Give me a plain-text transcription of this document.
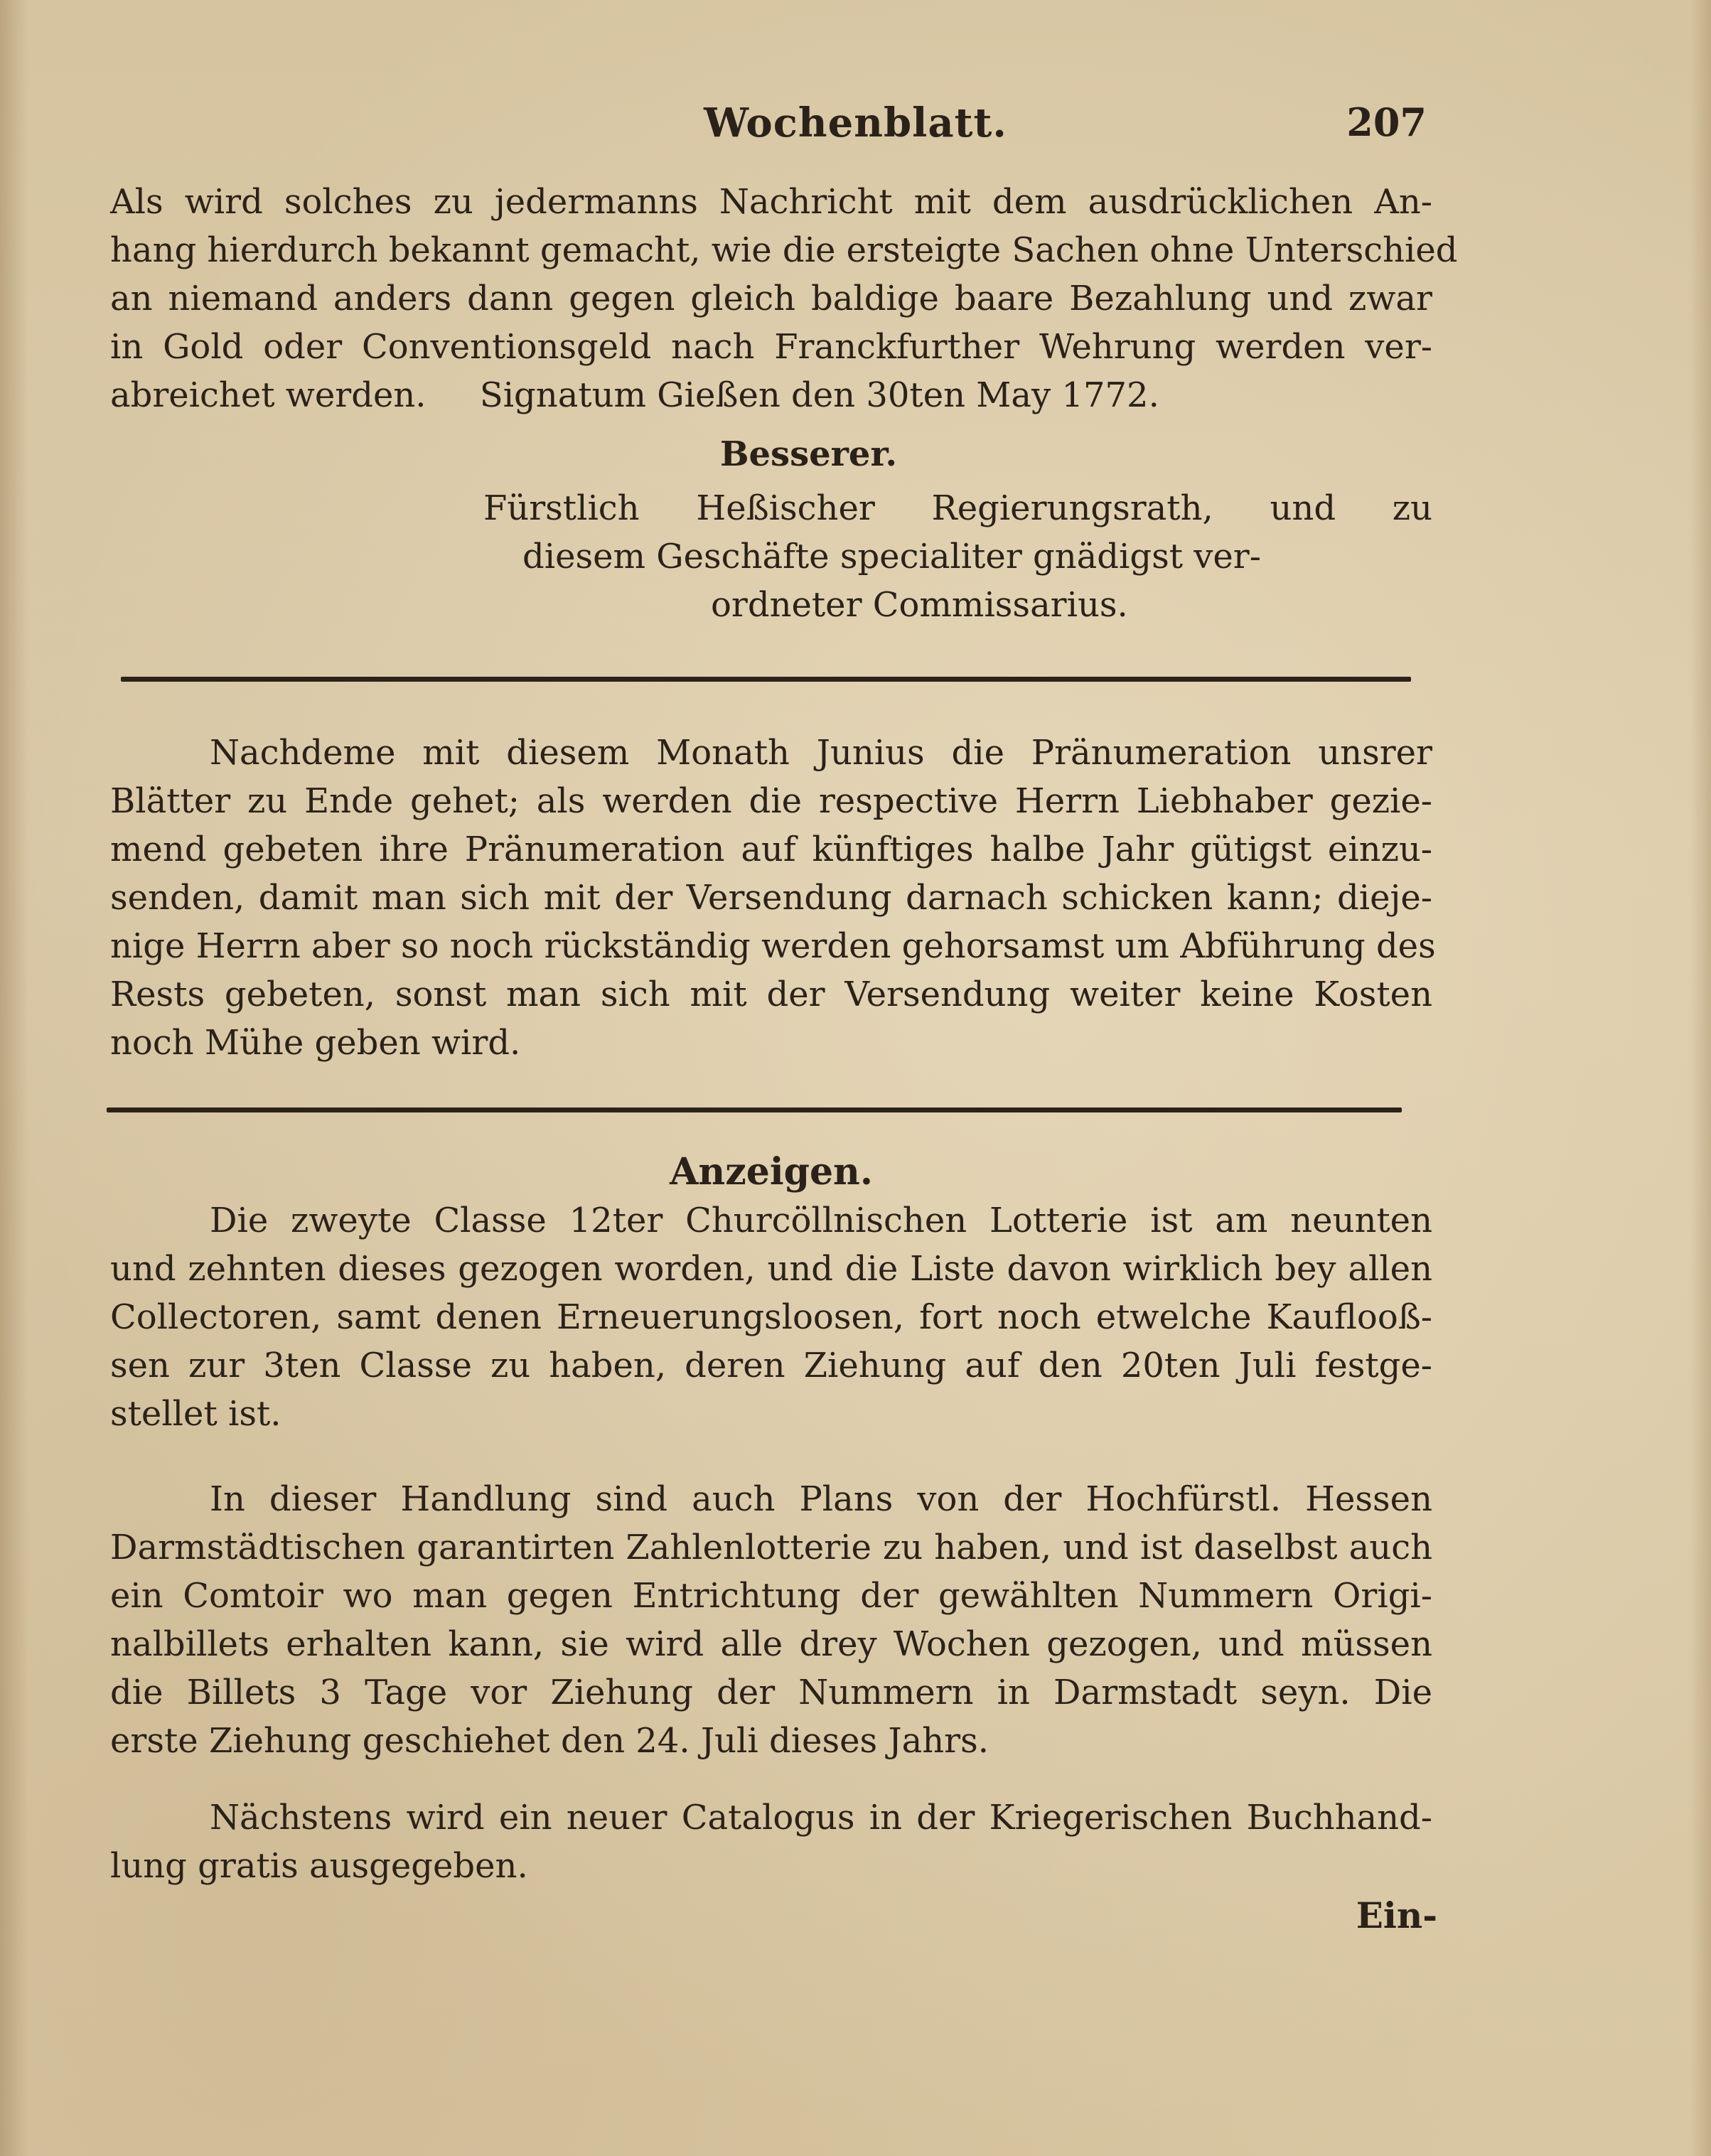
Wochenblatt.	207
Als wird solches zu jedermanns Nachricht mit dem ausdrücklichen An-
hang hierdurch bekannt gemacht, wie die ersteigte Sachen ohne Unterschied
an niemand anders dann gegen gleich baldige baare Bezahlung und zwar
in Gold oder Conventionsgeld nach Franckfurther Wehrung werden ver-
abreichet werden. Signatum Gießen den 30ten May 1772.
Besserer.
Fürstlich Heßischer Regierungsrath, und zu
diesem Geschäfte specialiter gnädigst ver-
ordneter Commissarius.
Nachdeme mit diesem Monath Junius die Pränumeration unsrer
Blätter zu Ende gehet; als werden die respective Herrn Liebhaber gezie-
mend gebeten ihre Pränumeration auf künftiges halbe Jahr gütigst einzu-
senden, damit man sich mit der Versendung darnach schicken kann; dieje-
nige Herrn aber so noch rückständig werden gehorsamst um Abführung des
Rests gebeten, sonst man sich mit der Versendung weiter keine Kosten
noch Mühe geben wird.
Anzeigen.
Die zweyte Classe 12ter Churcöllnischen Lotterie ist am neunten
und zehnten dieses gezogen worden, und die Liste davon wirklich bey allen
Collectoren, samt denen Erneuerungsloosen, fort noch etwelche Kauflooß-
sen zur 3ten Classe zu haben, deren Ziehung auf den 20ten Juli festge-
stellet ist.
In dieser Handlung sind auch Plans von der Hochfürstl. Hessen
Darmstädtischen garantirten Zahlenlotterie zu haben, und ist daselbst auch
ein Comtoir wo man gegen Entrichtung der gewählten Nummern Origi-
nalbillets erhalten kann, sie wird alle drey Wochen gezogen, und müssen
die Billets 3 Tage vor Ziehung der Nummern in Darmstadt seyn. Die
erste Ziehung geschiehet den 24. Juli dieses Jahrs.
Nächstens wird ein neuer Catalogus in der Kriegerischen Buchhand-
lung gratis ausgegeben.
Ein-
